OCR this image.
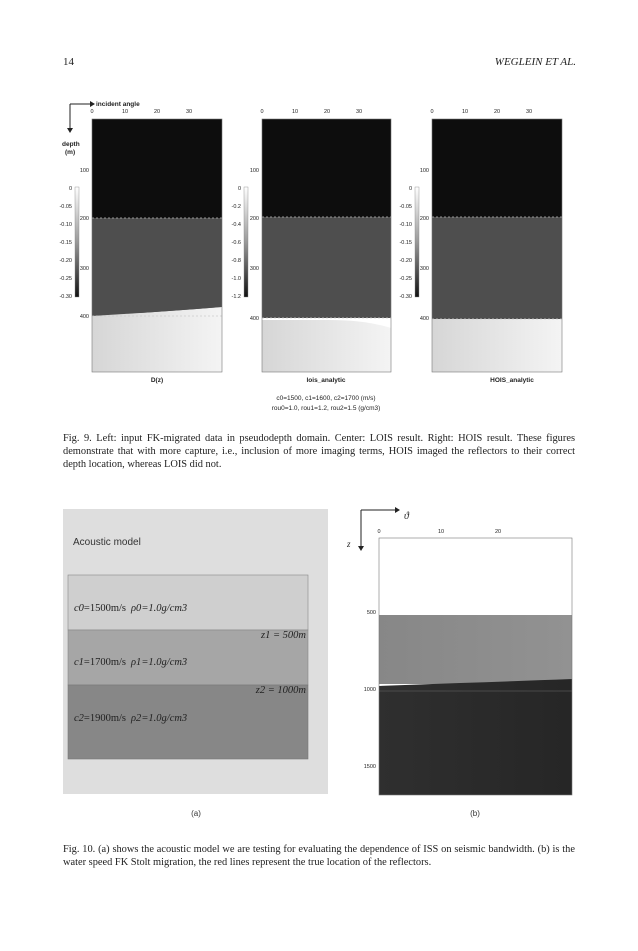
14	WEGLEIN ET AL.
incident angle
depth
(m)
0	10	20	30
100
200
300
400
0
-0.05
-0.10
-0.15
-0.20
-0.25
-0.30
D(z)
0	10	20	30
100
200
300
400
0
-0.2
-0.4
-0.6
-0.8
-1.0
-1.2
lois_analytic
0	10	20	30
100
200
300
400
0
-0.05
-0.10
-0.15
-0.20
-0.25
-0.30
HOIS_analytic
c0=1500, c1=1600, c2=1700 (m/s)
rou0=1.0, rou1=1.2, rou2=1.5 (g/cm3)

Fig. 9. Left: input FK-migrated data in pseudodepth domain. Center: LOIS result. Right: HOIS result. These figures demonstrate that with more capture, i.e., inclusion of more imaging terms, HOIS imaged the reflectors to their correct depth location, whereas LOIS did not.

Acoustic model
c0=1500m/s ρ0=1.0g/cm3
c1=1700m/s ρ1=1.0g/cm3
c2=1900m/s ρ2=1.0g/cm3
z1 = 500m
z2 = 1000m
(a)
ϑ
z
0	10	20
500
1000
1500
(b)

Fig. 10. (a) shows the acoustic model we are testing for evaluating the dependence of ISS on seismic bandwidth. (b) is the water speed FK Stolt migration, the red lines represent the true location of the reflectors.
